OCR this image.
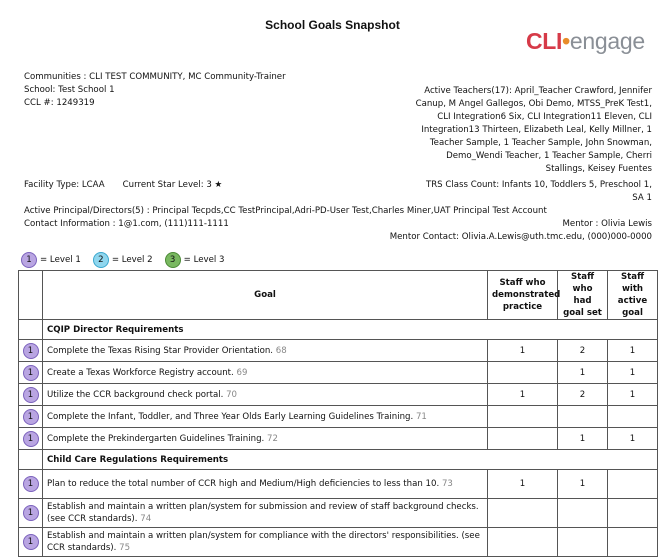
School Goals Snapshot
CLI•engage
Communities : CLI TEST COMMUNITY, MC Community-Trainer
School: Test School 1
CCL #: 1249319
Active Teachers(17): April_Teacher Crawford, Jennifer Canup, M Angel Gallegos, Obi Demo, MTSS_PreK Test1, CLI Integration6 Six, CLI Integration11 Eleven, CLI Integration13 Thirteen, Elizabeth Leal, Kelly Millner, 1 Teacher Sample, 1 Teacher Sample, John Snowman, Demo_Wendi Teacher, 1 Teacher Sample, Cherri Stallings, Keisey Fuentes
Facility Type: LCAA Current Star Level: 3 ★	TRS Class Count: Infants 10, Toddlers 5, Preschool 1, SA 1
Active Principal/Directors(5) : Principal Tecpds,CC TestPrincipal,Adri-PD-User Test,Charles Miner,UAT Principal Test Account
Contact Information : 1@1.com, (111)111-1111	Mentor : Olivia Lewis
Mentor Contact: Olivia.A.Lewis@uth.tmc.edu, (000)000-0000
1 = Level 1	2 = Level 2	3 = Level 3
	Goal	Staff who demonstrated practice	Staff who had goal set	Staff with active goal
	CQIP Director Requirements			
1	Complete the Texas Rising Star Provider Orientation. 68	1	2	1
1	Create a Texas Workforce Registry account. 69		1	1
1	Utilize the CCR background check portal. 70	1	2	1
1	Complete the Infant, Toddler, and Three Year Olds Early Learning Guidelines Training. 71			
1	Complete the Prekindergarten Guidelines Training. 72		1	1
	Child Care Regulations Requirements			
1	Plan to reduce the total number of CCR high and Medium/High deficiencies to less than 10. 73	1	1	
1	Establish and maintain a written plan/system for submission and review of staff background checks. (see CCR standards). 74			
1	Establish and maintain a written plan/system for compliance with the directors' responsibilities. (see CCR standards). 75			
